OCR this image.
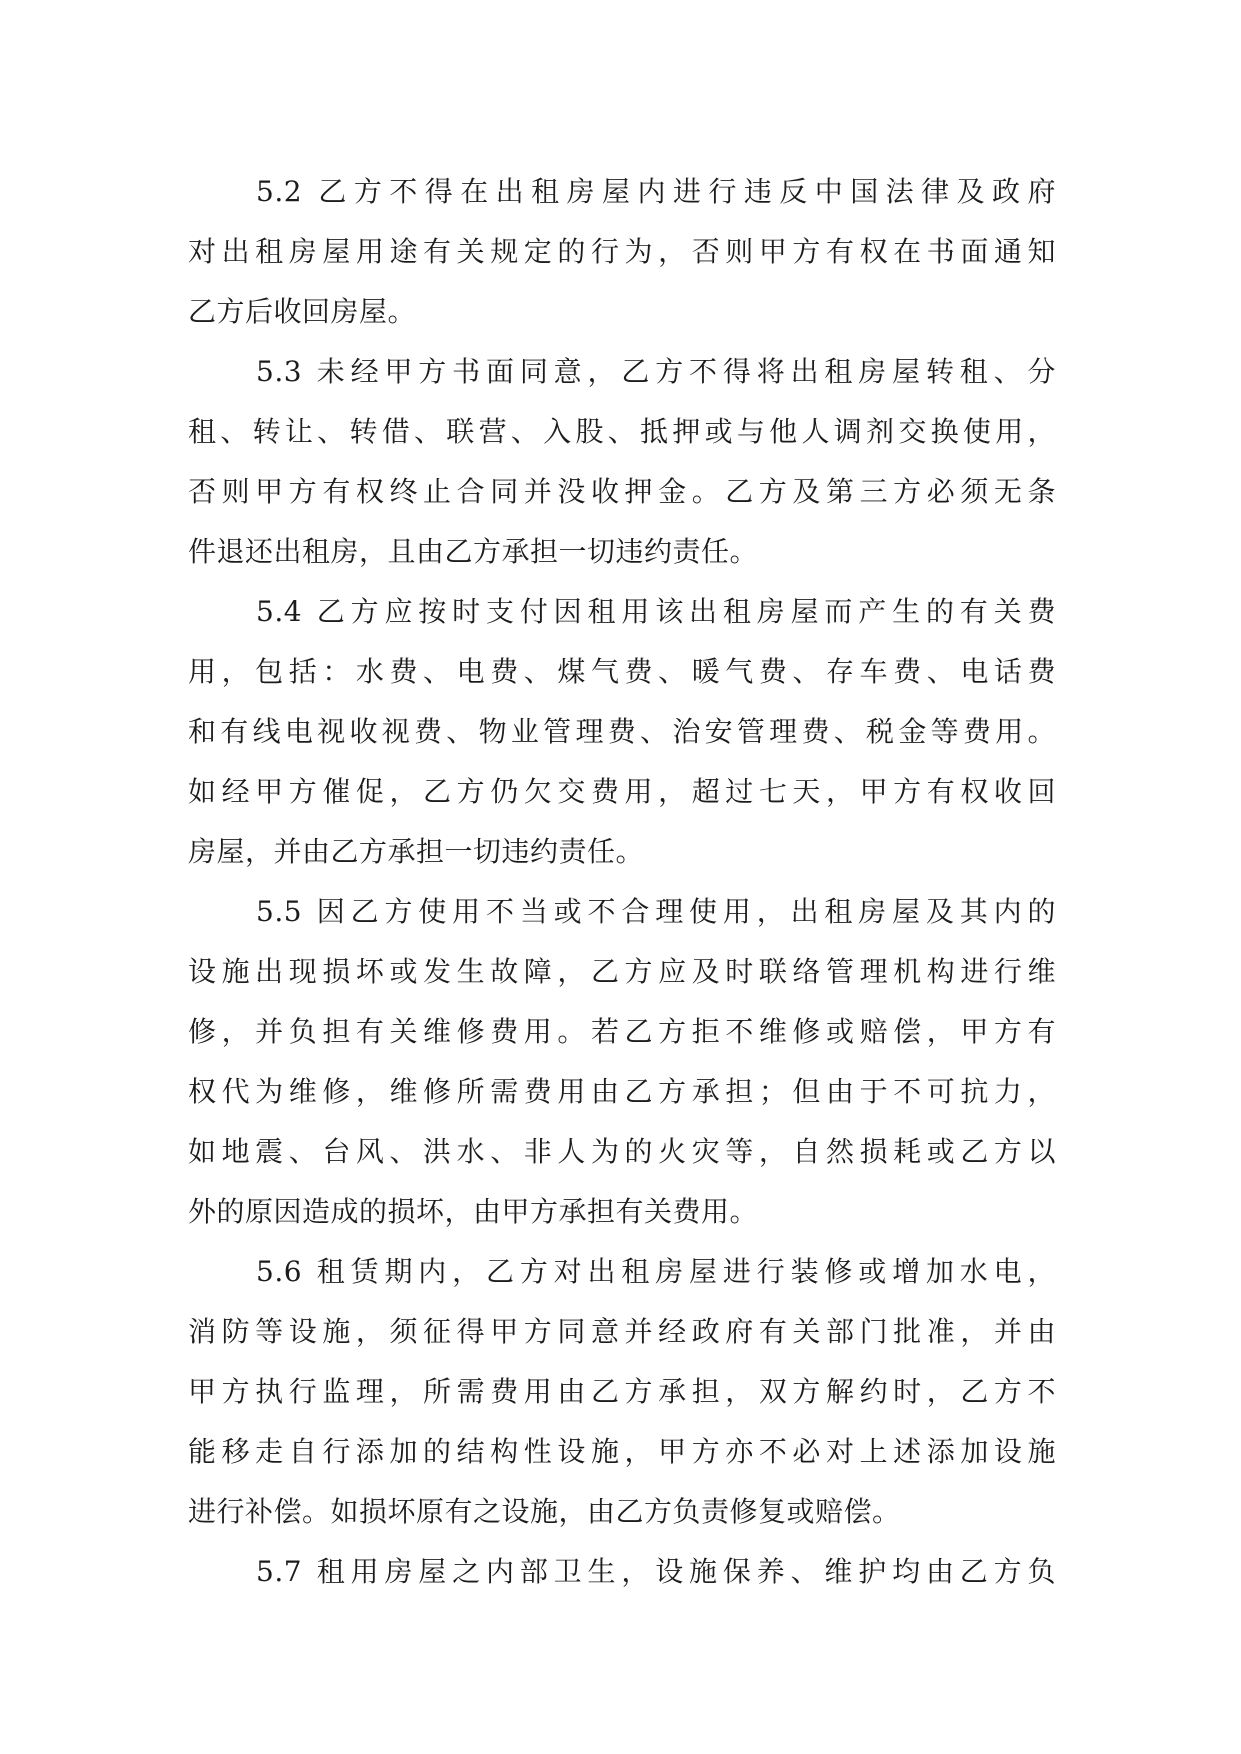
5.2 乙方不得在出租房屋内进行违反中国法律及政府
对出租房屋用途有关规定的行为，否则甲方有权在书面通知
乙方后收回房屋。
5.3 未经甲方书面同意，乙方不得将出租房屋转租、分
租、转让、转借、联营、入股、抵押或与他人调剂交换使用，
否则甲方有权终止合同并没收押金。乙方及第三方必须无条
件退还出租房，且由乙方承担一切违约责任。
5.4 乙方应按时支付因租用该出租房屋而产生的有关费
用，包括：水费、电费、煤气费、暖气费、存车费、电话费
和有线电视收视费、物业管理费、治安管理费、税金等费用。
如经甲方催促，乙方仍欠交费用，超过七天，甲方有权收回
房屋，并由乙方承担一切违约责任。
5.5 因乙方使用不当或不合理使用，出租房屋及其内的
设施出现损坏或发生故障，乙方应及时联络管理机构进行维
修，并负担有关维修费用。若乙方拒不维修或赔偿，甲方有
权代为维修，维修所需费用由乙方承担；但由于不可抗力，
如地震、台风、洪水、非人为的火灾等，自然损耗或乙方以
外的原因造成的损坏，由甲方承担有关费用。
5.6 租赁期内，乙方对出租房屋进行装修或增加水电，
消防等设施，须征得甲方同意并经政府有关部门批准，并由
甲方执行监理，所需费用由乙方承担，双方解约时，乙方不
能移走自行添加的结构性设施，甲方亦不必对上述添加设施
进行补偿。如损坏原有之设施，由乙方负责修复或赔偿。
5.7 租用房屋之内部卫生，设施保养、维护均由乙方负
